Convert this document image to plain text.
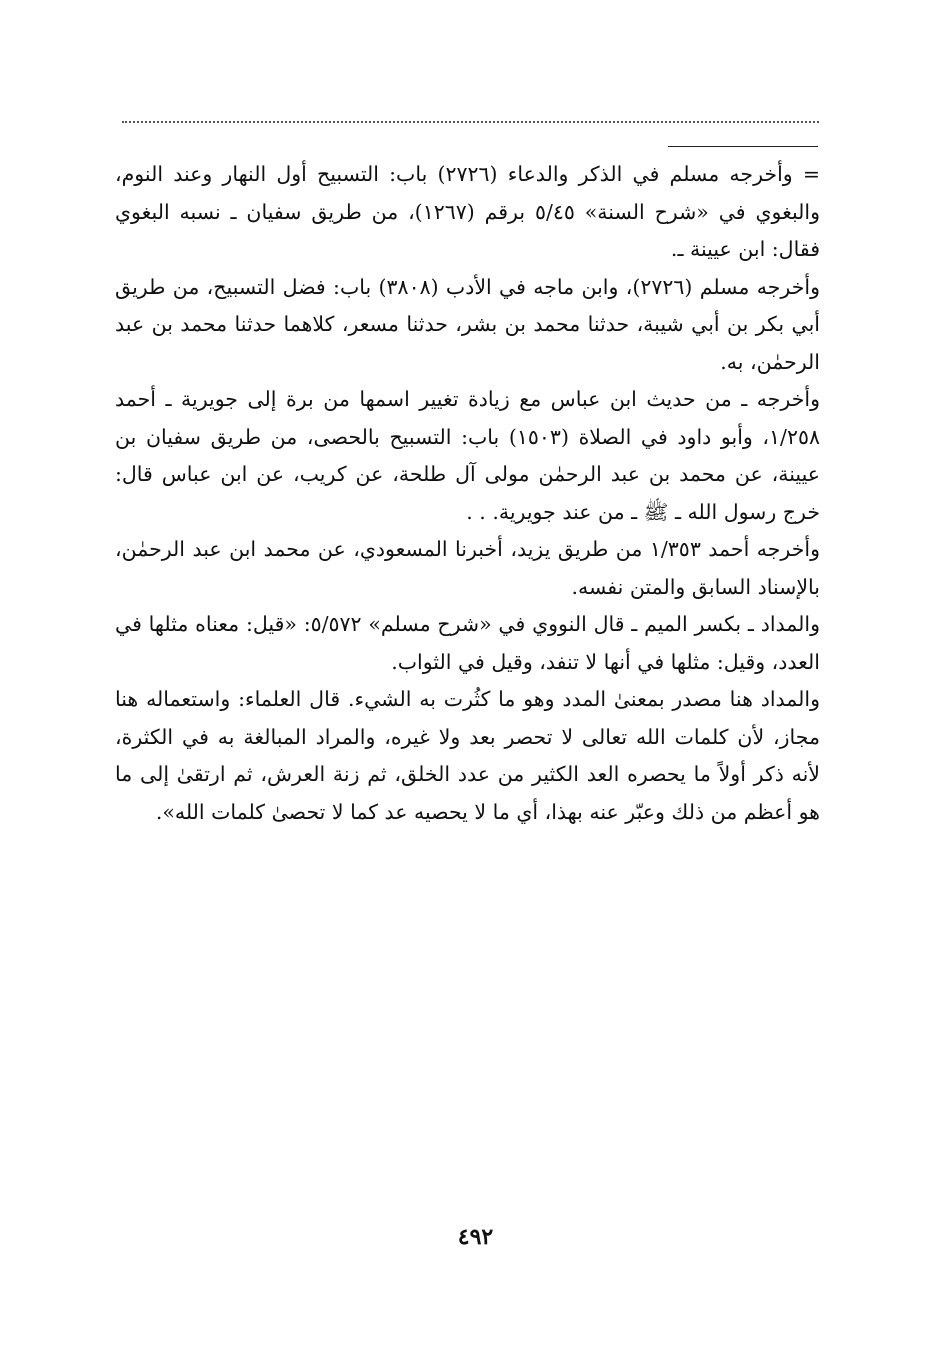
= وأخرجه مسلم في الذكر والدعاء (٢٧٢٦) باب: التسبيح أول النهار وعند النوم، والبغوي في «شرح السنة» ٥/٤٥ برقم (١٢٦٧)، من طريق سفيان ـ نسبه البغوي فقال: ابن عيينة ـ.

وأخرجه مسلم (٢٧٢٦)، وابن ماجه في الأدب (٣٨٠٨) باب: فضل التسبيح، من طريق أبي بكر بن أبي شيبة، حدثنا محمد بن بشر، حدثنا مسعر، كلاهما حدثنا محمد بن عبد الرحمٰن، به.

وأخرجه ـ من حديث ابن عباس مع زيادة تغيير اسمها من برة إلى جويرية ـ أحمد ١/٢٥٨، وأبو داود في الصلاة (١٥٠٣) باب: التسبيح بالحصى، من طريق سفيان بن عيينة، عن محمد بن عبد الرحمٰن مولى آل طلحة، عن كريب، عن ابن عباس قال: خرج رسول الله ـ ﷺ ـ من عند جويرية. . .

وأخرجه أحمد ١/٣٥٣ من طريق يزيد، أخبرنا المسعودي، عن محمد ابن عبد الرحمٰن، بالإسناد السابق والمتن نفسه.

والمداد ـ بكسر الميم ـ قال النووي في «شرح مسلم» ٥/٥٧٢: «قيل: معناه مثلها في العدد، وقيل: مثلها في أنها لا تنفد، وقيل في الثواب.

والمداد هنا مصدر بمعنىٰ المدد وهو ما كثُرت به الشيء. قال العلماء: واستعماله هنا مجاز، لأن كلمات الله تعالى لا تحصر بعد ولا غيره، والمراد المبالغة به في الكثرة، لأنه ذكر أولاً ما يحصره العد الكثير من عدد الخلق، ثم زنة العرش، ثم ارتقىٰ إلى ما هو أعظم من ذلك وعبّر عنه بهذا، أي ما لا يحصيه عد كما لا تحصىٰ كلمات الله».

٤٩٢
